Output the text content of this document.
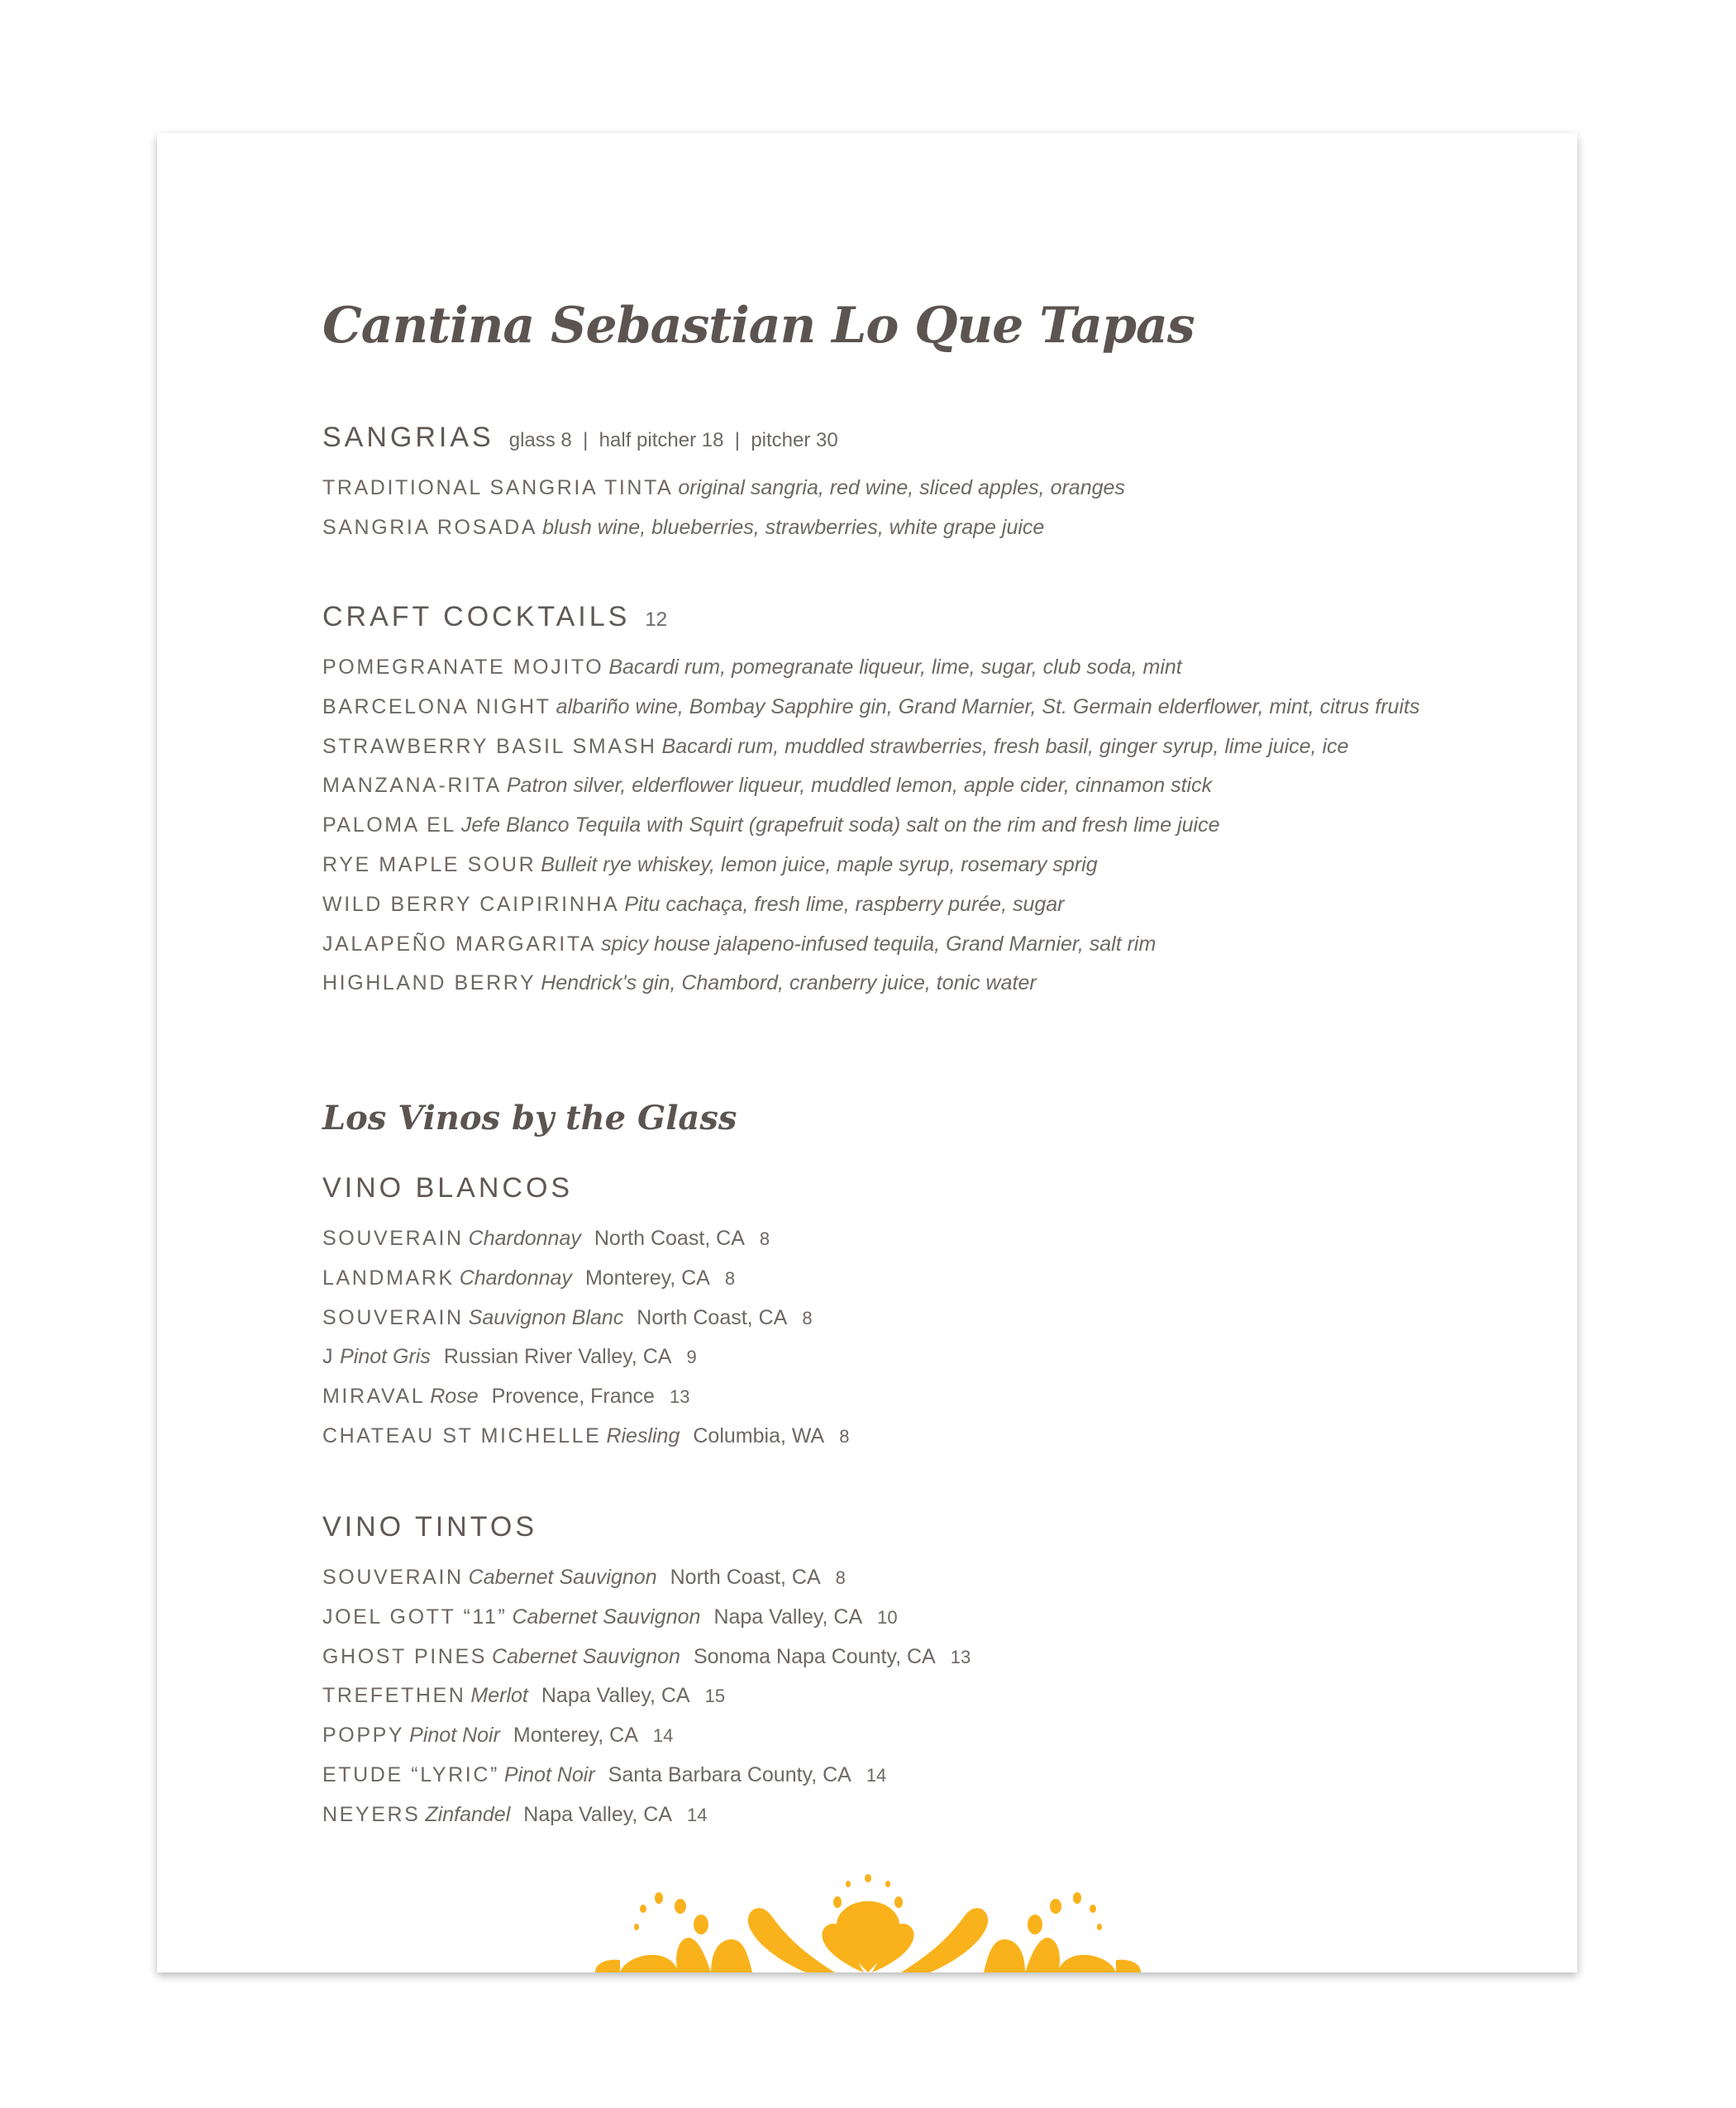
Cantina Sebastian Lo Que Tapas
SANGRIAS glass 8  |  half pitcher 18  |  pitcher 30
TRADITIONAL SANGRIA TINTA original sangria, red wine, sliced apples, oranges
SANGRIA ROSADA blush wine, blueberries, strawberries, white grape juice
CRAFT COCKTAILS 12
POMEGRANATE MOJITO Bacardi rum, pomegranate liqueur, lime, sugar, club soda, mint
BARCELONA NIGHT albariño wine, Bombay Sapphire gin, Grand Marnier, St. Germain elderflower, mint, citrus fruits
STRAWBERRY BASIL SMASH Bacardi rum, muddled strawberries, fresh basil, ginger syrup, lime juice, ice
MANZANA-RITA Patron silver, elderflower liqueur, muddled lemon, apple cider, cinnamon stick
PALOMA EL Jefe Blanco Tequila with Squirt (grapefruit soda) salt on the rim and fresh lime juice
RYE MAPLE SOUR Bulleit rye whiskey, lemon juice, maple syrup, rosemary sprig
WILD BERRY CAIPIRINHA Pitu cachaça, fresh lime, raspberry purée, sugar
JALAPEÑO MARGARITA spicy house jalapeno-infused tequila, Grand Marnier, salt rim
HIGHLAND BERRY Hendrick's gin, Chambord, cranberry juice, tonic water
Los Vinos by the Glass
VINO BLANCOS
SOUVERAIN Chardonnay North Coast, CA 8
LANDMARK Chardonnay Monterey, CA 8
SOUVERAIN Sauvignon Blanc North Coast, CA 8
J Pinot Gris Russian River Valley, CA 9
MIRAVAL Rose Provence, France 13
CHATEAU ST MICHELLE Riesling Columbia, WA 8
VINO TINTOS
SOUVERAIN Cabernet Sauvignon North Coast, CA 8
JOEL GOTT “11” Cabernet Sauvignon Napa Valley, CA 10
GHOST PINES Cabernet Sauvignon Sonoma Napa County, CA 13
TREFETHEN Merlot Napa Valley, CA 15
POPPY Pinot Noir Monterey, CA 14
ETUDE “LYRIC” Pinot Noir Santa Barbara County, CA 14
NEYERS Zinfandel Napa Valley, CA 14
